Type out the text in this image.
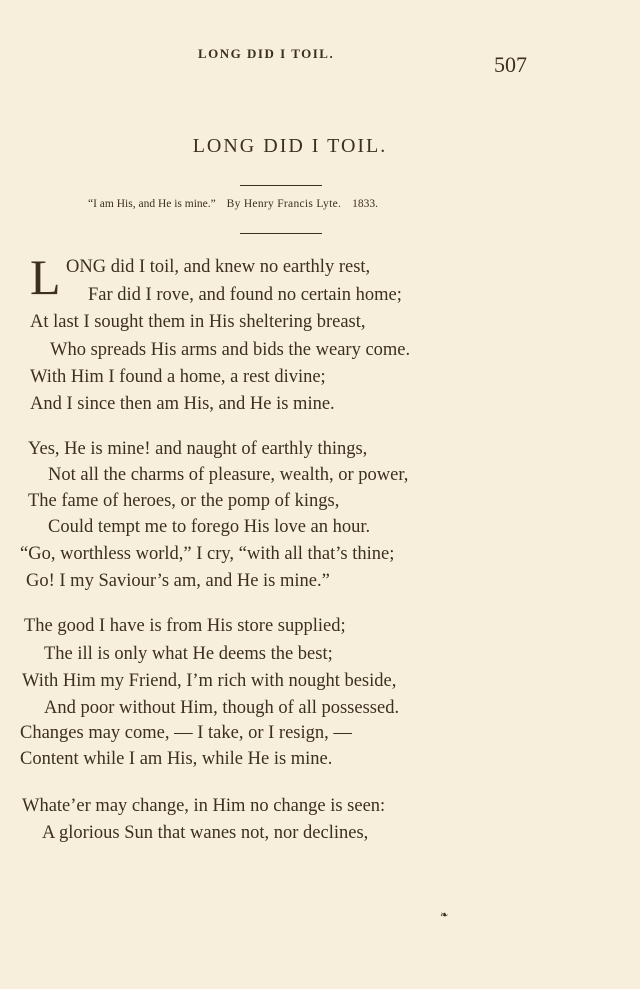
LONG DID I TOIL.	507
LONG DID I TOIL.
“I am His, and He is mine.” By Henry Francis Lyte. 1833.
L ONG did I toil, and knew no earthly rest,
Far did I rove, and found no certain home;
At last I sought them in His sheltering breast,
Who spreads His arms and bids the weary come.
With Him I found a home, a rest divine;
And I since then am His, and He is mine.
Yes, He is mine! and naught of earthly things,
Not all the charms of pleasure, wealth, or power,
The fame of heroes, or the pomp of kings,
Could tempt me to forego His love an hour.
“Go, worthless world,” I cry, “with all that’s thine;
Go! I my Saviour’s am, and He is mine.”
The good I have is from His store supplied;
The ill is only what He deems the best;
With Him my Friend, I’m rich with nought beside,
And poor without Him, though of all possessed.
Changes may come, — I take, or I resign, —
Content while I am His, while He is mine.
Whate’er may change, in Him no change is seen:
A glorious Sun that wanes not, nor declines,
❧
